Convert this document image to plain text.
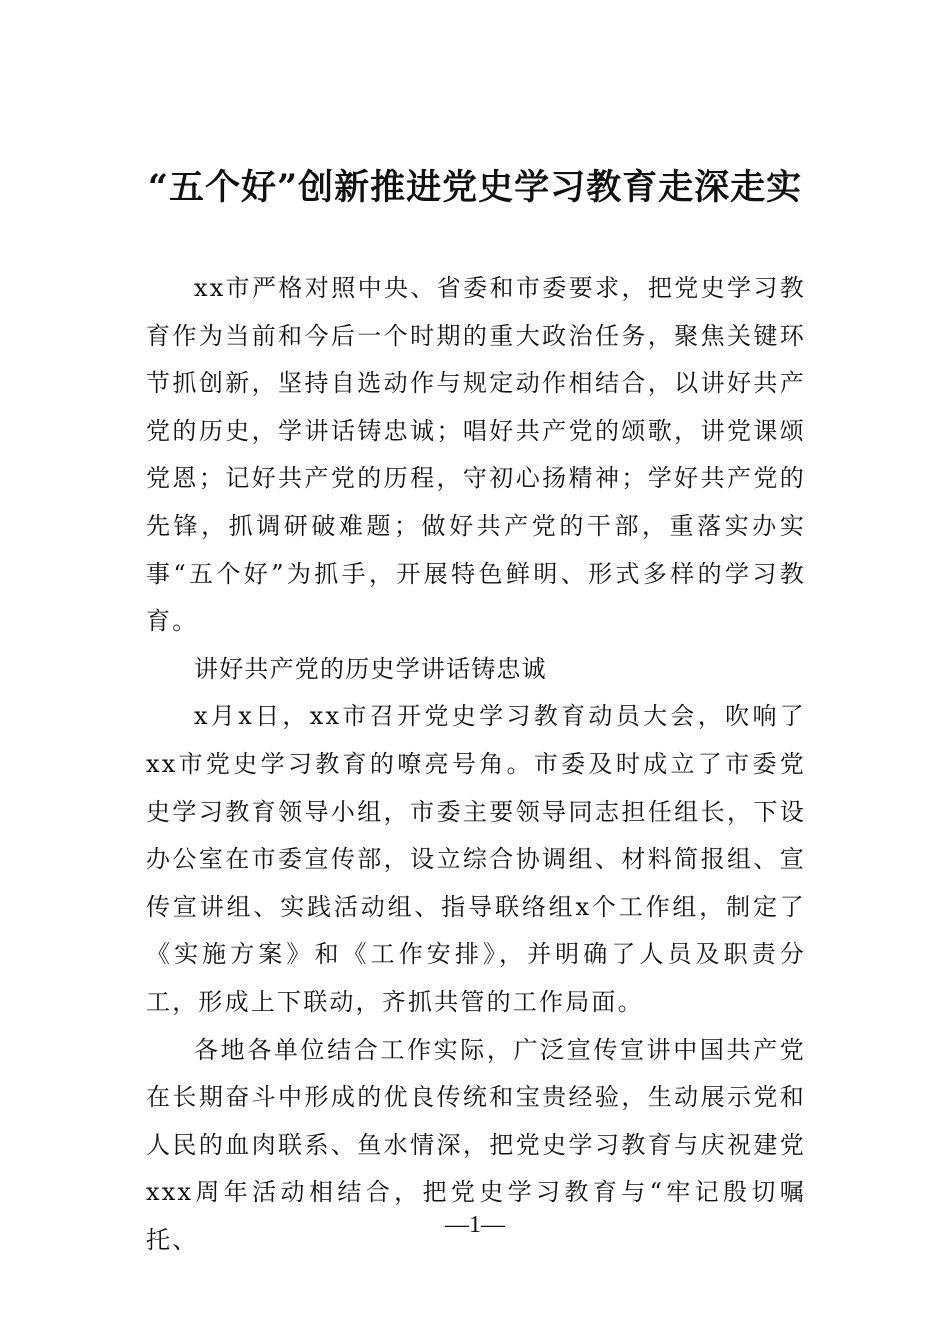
“五个好”创新推进党史学习教育走深走实

xx市严格对照中央、省委和市委要求，把党史学习教育作为当前和今后一个时期的重大政治任务，聚焦关键环节抓创新，坚持自选动作与规定动作相结合，以讲好共产党的历史，学讲话铸忠诚；唱好共产党的颂歌，讲党课颂党恩；记好共产党的历程，守初心扬精神；学好共产党的先锋，抓调研破难题；做好共产党的干部，重落实办实事“五个好”为抓手，开展特色鲜明、形式多样的学习教育。

讲好共产党的历史学讲话铸忠诚

x月x日，xx市召开党史学习教育动员大会，吹响了xx市党史学习教育的嘹亮号角。市委及时成立了市委党史学习教育领导小组，市委主要领导同志担任组长，下设办公室在市委宣传部，设立综合协调组、材料简报组、宣传宣讲组、实践活动组、指导联络组x个工作组，制定了《实施方案》和《工作安排》，并明确了人员及职责分工，形成上下联动，齐抓共管的工作局面。

各地各单位结合工作实际，广泛宣传宣讲中国共产党在长期奋斗中形成的优良传统和宝贵经验，生动展示党和人民的血肉联系、鱼水情深，把党史学习教育与庆祝建党xxx周年活动相结合，把党史学习教育与“牢记殷切嘱托、

—1—
